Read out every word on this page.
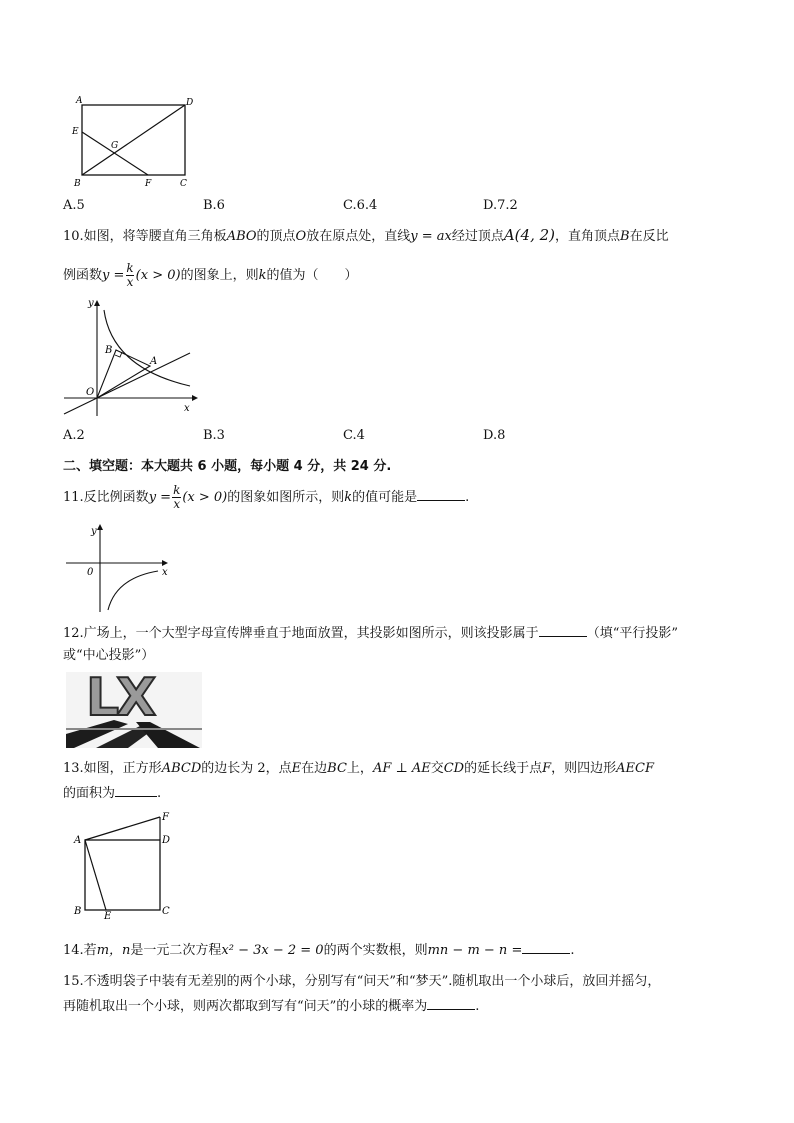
A	D
E
G
B	F	C
A.5	B.6	C.6.4	D.7.2
10.如图，将等腰直角三角板ABO的顶点O放在原点处，直线y = ax经过顶点A(4, 2)，直角顶点B在反比
例函数$y = \frac{k}{x} (x > 0)$的图象上，则k的值为（　　）
y
B
A
O
x
A.2	B.3	C.4	D.8
二、填空题：本大题共 6 小题，每小题 4 分，共 24 分.
11.反比例函数$y = \frac{k}{x} (x > 0)$的图象如图所示，则k的值可能是	.
y
0	x
12.广场上，一个大型字母宣传牌垂直于地面放置，其投影如图所示，则该投影属于	（填“平行投影”
或“中心投影”）
LX
13.如图，正方形ABCD的边长为 2，点E在边BC上，AF ⊥ AE交CD的延长线于点F，则四边形AECF
的面积为	.
A
F
D
B E	C
14.若m，n是一元二次方程x² − 3x − 2 = 0的两个实数根，则mn − m − n =	.
15.不透明袋子中装有无差别的两个小球，分别写有“问天”和“梦天”.随机取出一个小球后，放回并摇匀，
再随机取出一个小球，则两次都取到写有“问天”的小球的概率为	.
